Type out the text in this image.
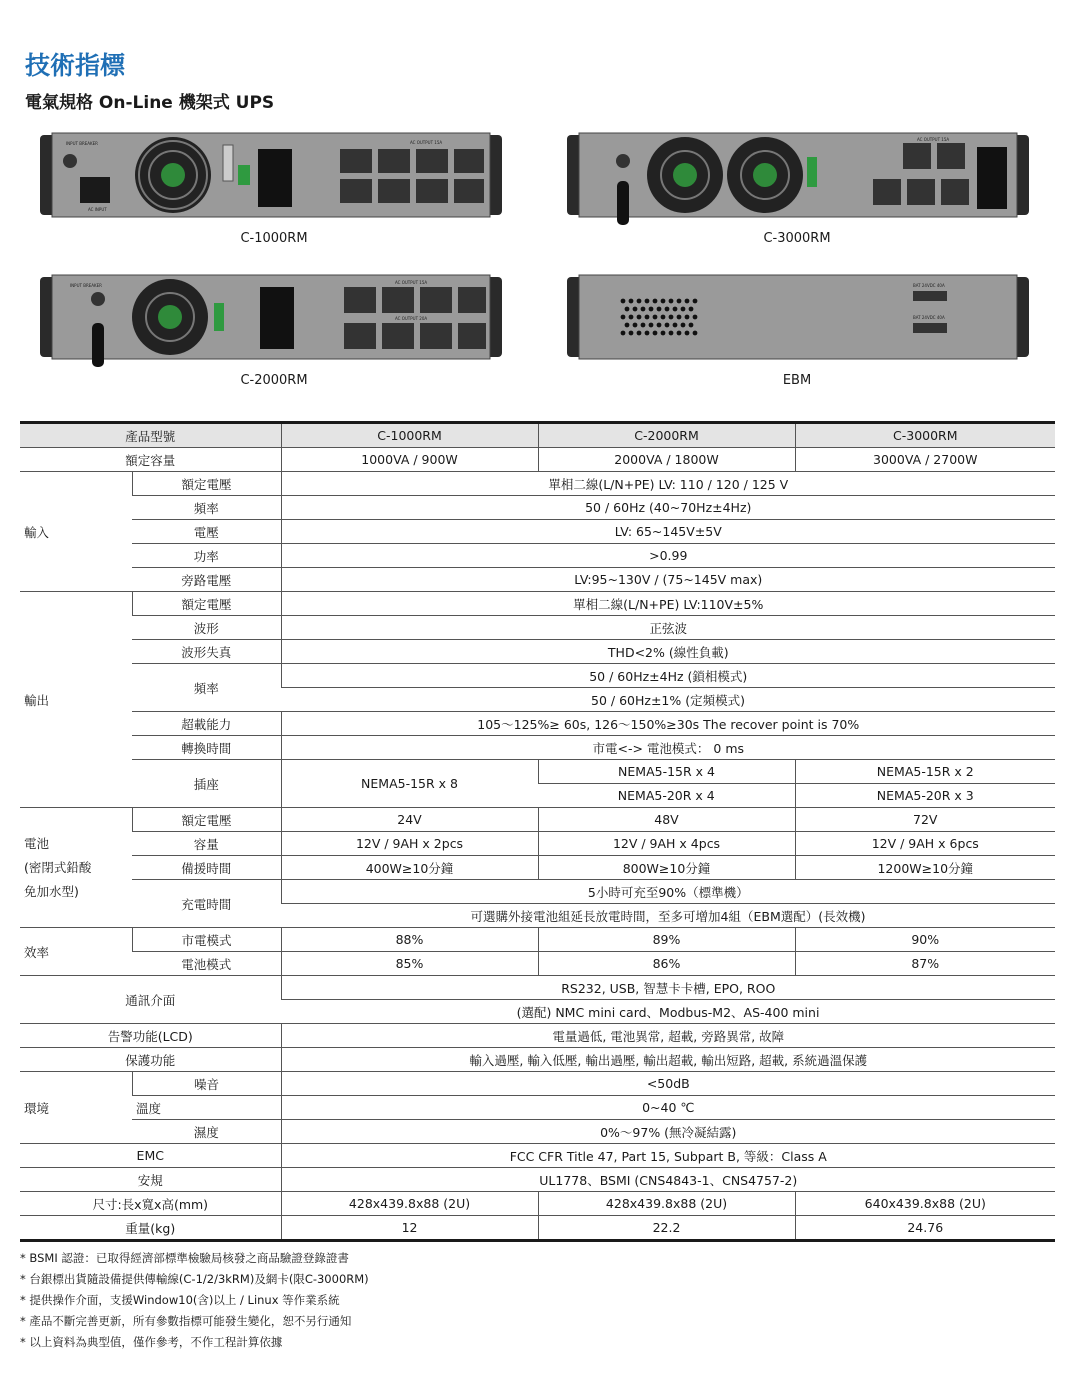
技術指標
電氣規格 On-Line 機架式 UPS
INPUT BREAKER
AC INPUT
AC OUTPUT 15A
C-1000RM
AC OUTPUT 15A
C-3000RM
INPUT BREAKER
AC OUTPUT 15A
AC OUTPUT 20A
C-2000RM
BAT 24VDC 40A
BAT 24VDC 40A
EBM
產品型號		C-1000RM	C-2000RM	C-3000RM
額定容量		1000VA / 900W	2000VA / 1800W	3000VA / 2700W
輸入	額定電壓	單相二線(L/N+PE) LV: 110 / 120 / 125 V		
	頻率	50 / 60Hz (40~70Hz±4Hz)		
	電壓	LV: 65~145V±5V		
	功率	>0.99		
	旁路電壓	LV:95~130V / (75~145V max)		
輸出	額定電壓	單相二線(L/N+PE) LV:110V±5%		
	波形	正弦波		
	波形失真	THD<2% (線性負載)		
	頻率	50 / 60Hz±4Hz (鎖相模式)		
		50 / 60Hz±1% (定頻模式)		
	超載能力	105〜125%≥ 60s, 126〜150%≥30s The recover point is 70%		
	轉換時間	市電<-> 電池模式： 0 ms		
	插座	NEMA5-15R x 8	NEMA5-15R x 4	NEMA5-15R x 2
			NEMA5-20R x 4	NEMA5-20R x 3

電池
(密閉式鉛酸
免加水型)	額定電壓	24V	48V	72V
	容量	12V / 9AH x 2pcs	12V / 9AH x 4pcs	12V / 9AH x 6pcs
	備援時間	400W≥10分鐘	800W≥10分鐘	1200W≥10分鐘
	充電時間	5小時可充至90%（標準機）		
		可選購外接電池組延長放電時間，至多可增加4組（EBM選配）(長效機)		
效率	市電模式	88%	89%	90%
	電池模式	85%	86%	87%
通訊介面		RS232, USB, 智慧卡卡槽, EPO, ROO		
		(選配) NMC mini card、Modbus-M2、AS-400 mini		
告警功能(LCD)		電量過低, 電池異常, 超載, 旁路異常, 故障		
保護功能		輸入過壓, 輸入低壓, 輸出過壓, 輸出超載, 輸出短路, 超載, 系統過溫保護		
環境	噪音	<50dB		
	溫度	0~40 ℃		
	濕度	0%〜97% (無冷凝結露)		
EMC		FCC CFR Title 47, Part 15, Subpart B, 等級：Class A		
安規		UL1778、BSMI (CNS4843-1、CNS4757-2)		
尺寸:長x寬x高(mm)		428x439.8x88 (2U)	428x439.8x88 (2U)	640x439.8x88 (2U)
重量(kg)		12	22.2	24.76
* BSMI 認證：已取得經濟部標準檢驗局核發之商品驗證登錄證書
* 台銀標出貨隨設備提供傳輸線(C-1/2/3kRM)及網卡(限C-3000RM)
* 提供操作介面，支援Window10(含)以上 / Linux 等作業系統
* 產品不斷完善更新，所有參數指標可能發生變化，恕不另行通知
* 以上資料為典型值，僅作參考，不作工程計算依據
